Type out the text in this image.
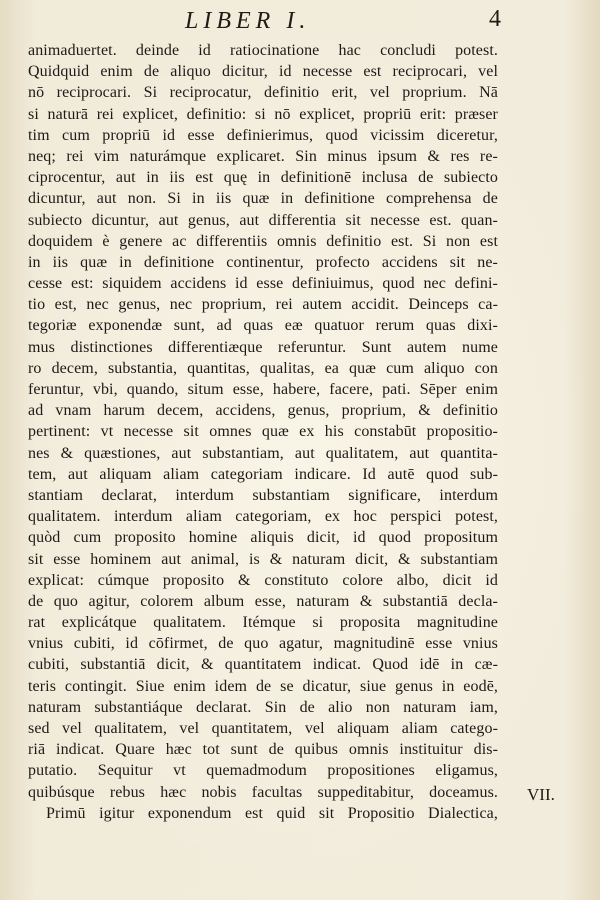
LIBER I.	4
animaduertet. deinde id ratiocinatione hac concludi potest.
Quidquid enim de aliquo dicitur, id necesse est reciprocari, vel
nō reciprocari. Si reciprocatur, definitio erit, vel proprium. Nā
si naturā rei explicet, definitio: si nō explicet, propriū erit: præser
tim cum propriū id esse definierimus, quod vicissim diceretur,
neq; rei vim naturámque explicaret. Sin minus ipsum & res re-
ciprocentur, aut in iis est quę in definitionē inclusa de subiecto
dicuntur, aut non. Si in iis quæ in definitione comprehensa de
subiecto dicuntur, aut genus, aut differentia sit necesse est. quan-
doquidem è genere ac differentiis omnis definitio est. Si non est
in iis quæ in definitione continentur, profecto accidens sit ne-
cesse est: siquidem accidens id esse definiuimus, quod nec defini-
tio est, nec genus, nec proprium, rei autem accidit. Deinceps ca-
tegoriæ exponendæ sunt, ad quas eæ quatuor rerum quas dixi-
mus distinctiones differentiæque referuntur. Sunt autem nume
ro decem, substantia, quantitas, qualitas, ea quæ cum aliquo con
feruntur, vbi, quando, situm esse, habere, facere, pati. Sēper enim
ad vnam harum decem, accidens, genus, proprium, & definitio
pertinent: vt necesse sit omnes quæ ex his constabūt propositio-
nes & quæstiones, aut substantiam, aut qualitatem, aut quantita-
tem, aut aliquam aliam categoriam indicare. Id autē quod sub-
stantiam declarat, interdum substantiam significare, interdum
qualitatem. interdum aliam categoriam, ex hoc perspici potest,
quòd cum proposito homine aliquis dicit, id quod propositum
sit esse hominem aut animal, is & naturam dicit, & substantiam
explicat: cúmque proposito & constituto colore albo, dicit id
de quo agitur, colorem album esse, naturam & substantiā decla-
rat explicátque qualitatem. Itémque si proposita magnitudine
vnius cubiti, id cōfirmet, de quo agatur, magnitudinē esse vnius
cubiti, substantiā dicit, & quantitatem indicat. Quod idē in cæ-
teris contingit. Siue enim idem de se dicatur, siue genus in eodē,
naturam substantiáque declarat. Sin de alio non naturam iam,
sed vel qualitatem, vel quantitatem, vel aliquam aliam catego-
riā indicat. Quare hæc tot sunt de quibus omnis instituitur dis-
putatio. Sequitur vt quemadmodum propositiones eligamus,
quibúsque rebus hæc nobis facultas suppeditabitur, doceamus.
Primū igitur exponendum est quid sit Propositio Dialectica,
VII.
